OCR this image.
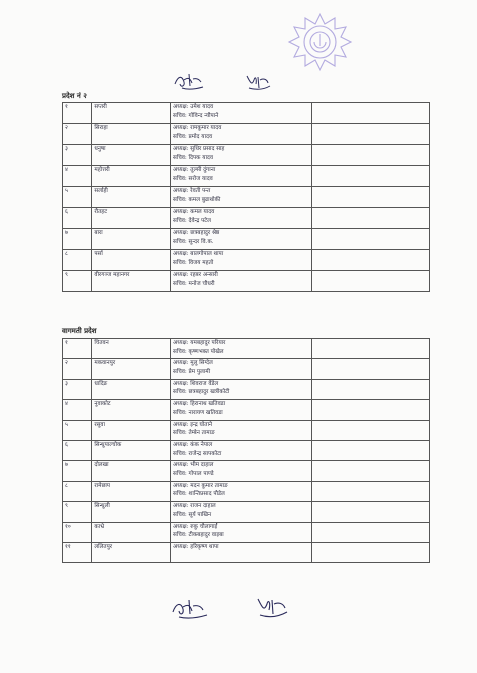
प्रदेश नं २
१	सप्तरी	अध्यक्ष: उमेश यादव
सचिव: गोविन्द न्यौपाने	

२	सिराहा	अध्यक्ष: रामकुमार यादव
सचिव: प्रमोद यादव	

३	धनुषा	अध्यक्ष: सुधिर प्रसाद साह
सचिव: दिपक यादव	

४	महोत्तरी	अध्यक्ष: तुल्सी दुंगाना
सचिव: सरोज यादव	

५	सर्लाही	अध्यक्ष: रेवती पन्त
सचिव: कमल बुढाथोकी	

६	रौतहट	अध्यक्ष: कमल यादव
सचिव: देवेन्द्र पटेल	

७	बारा	अध्यक्ष: छत्रबहादुर श्रेष्ठ
सचिव: सुन्दर वि.क.	

८	पर्सा	अध्यक्ष: बालगोपाल थापा
सचिव: विजय महतो	

९	वीरगञ्ज महानगर	अध्यक्ष: रहबर अन्सारी
सचिव: मनोज चौधरी	

वागमती प्रदेश
१	चितवन	अध्यक्ष: यमबहादुर परियार
सचिव: कृष्णभक्त पोखेल	

२	मकवानपुर	अध्यक्ष: मुलु सिग्देल
सचिव: प्रेम पुलामी	

३	धादिङ	अध्यक्ष: शिवराज वेंडेल
सचिव: छत्रबहादुर खत्रीकोटी	

४	नुवाकोट	अध्यक्ष: हिरानाथ खतिवडा
सचिव: नारायण खतिवडा	

५	रसुवा	अध्यक्ष: इन्द्र घोताने
सचिव: तेम्बेन तामाङ	

६	सिन्धुपाल्चोक	अध्यक्ष: कंक नेपाल
सचिव: राजेन्द्र सापकोटा	

७	दोलखा	अध्यक्ष: भीम दाहाल
सचिव: गोपाल पाण्डे	

८	रामेछाप	अध्यक्ष: मदन कुमार तामाङ
सचिव: शान्तिप्रसाद पौडेल	

९	सिन्धुली	अध्यक्ष: राजन दाहाल
सचिव: सूर्य पाखिन	

१०	काभ्रे	अध्यक्ष: रुकु चौलागाईं
सचिव: टीकबहादुर वाइबा	

११	ललितपुर	अध्यक्ष: हरिकृष्ण थापा	
